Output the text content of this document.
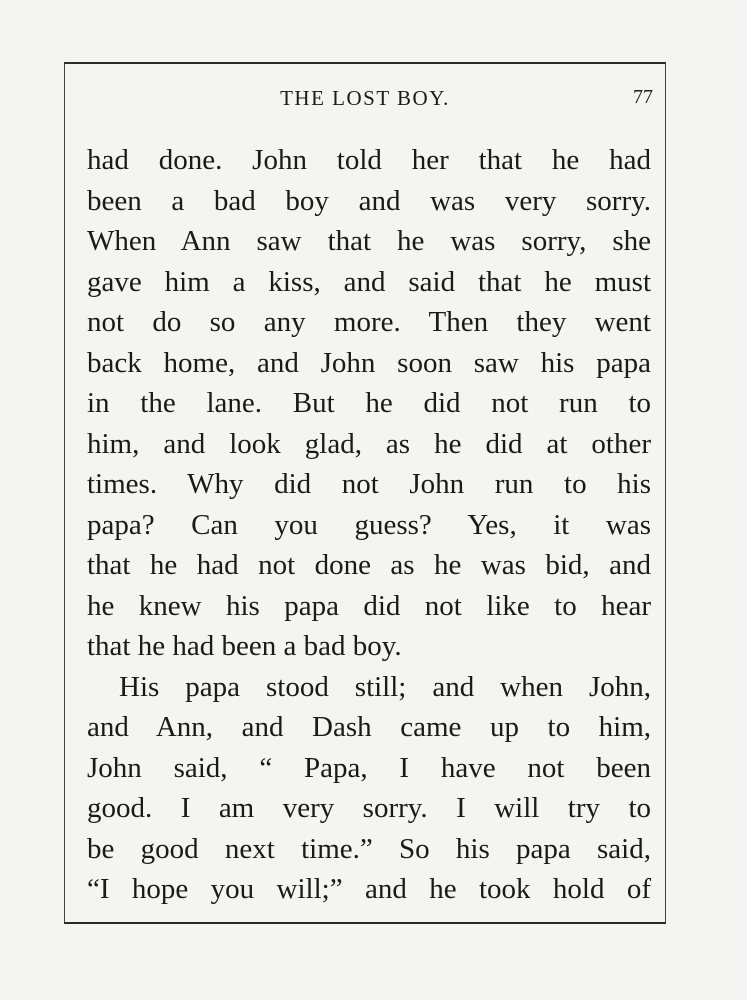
THE LOST BOY.	77
had done. John told her that he had
been a bad boy and was very sorry.
When Ann saw that he was sorry, she
gave him a kiss, and said that he must
not do so any more. Then they went
back home, and John soon saw his papa
in the lane. But he did not run to
him, and look glad, as he did at other
times. Why did not John run to his
papa? Can you guess? Yes, it was
that he had not done as he was bid, and
he knew his papa did not like to hear
that he had been a bad boy.
His papa stood still; and when John,
and Ann, and Dash came up to him,
John said, “ Papa, I have not been
good. I am very sorry. I will try to
be good next time.” So his papa said,
“I hope you will;” and he took hold of
